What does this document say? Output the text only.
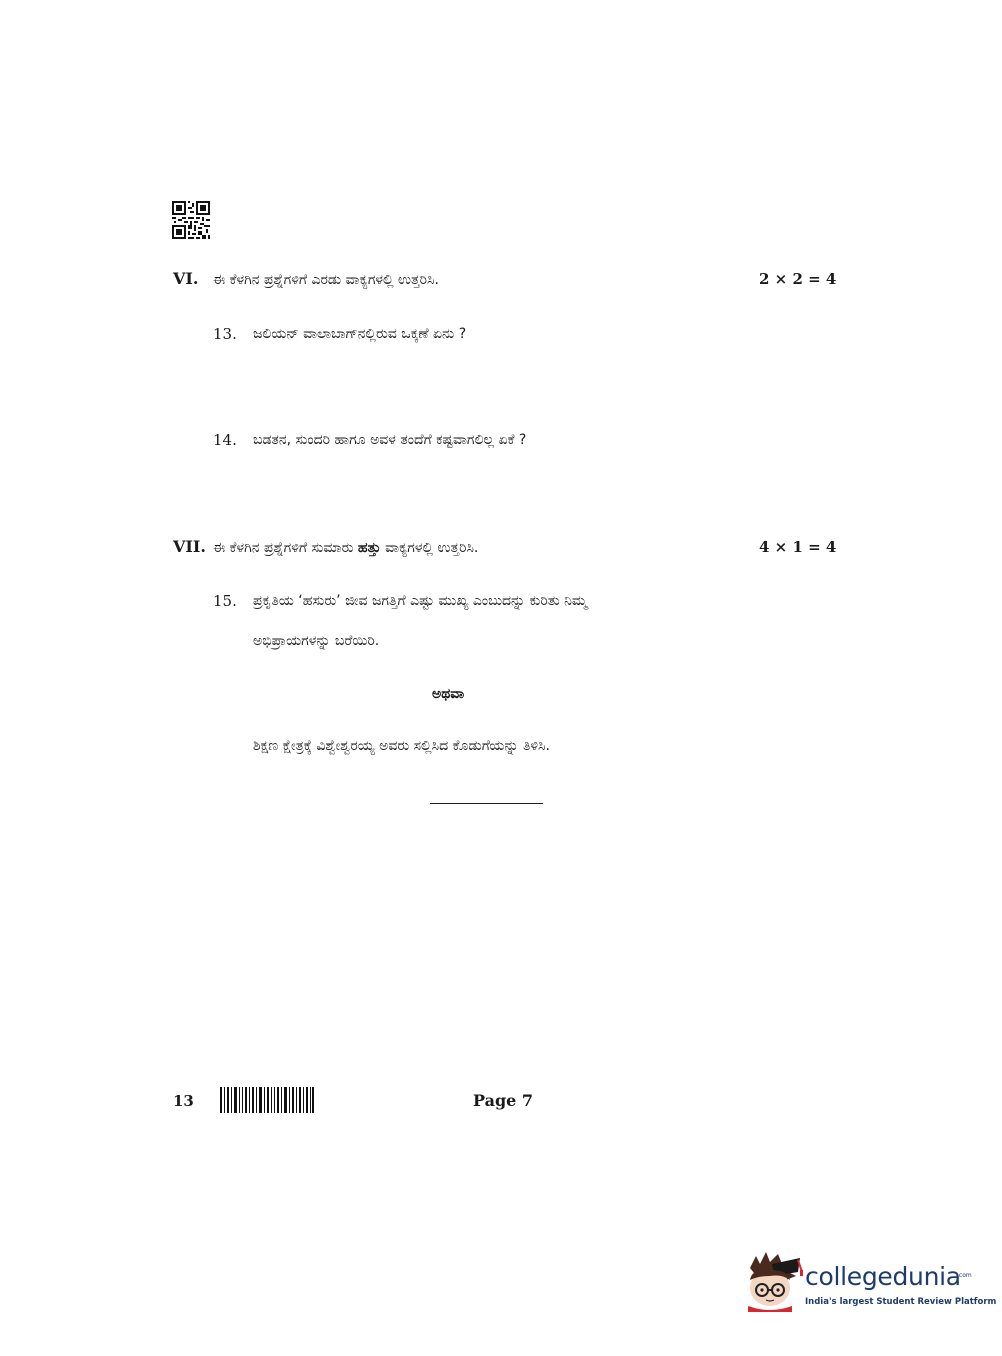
VI. ಈ ಕೆಳಗಿನ ಪ್ರಶ್ನೆಗಳಿಗೆ ಎರಡು ವಾಕ್ಯಗಳಲ್ಲಿ ಉತ್ತರಿಸಿ.	2 × 2 = 4
13. ಜಲಿಯನ್ ವಾಲಾಬಾಗ್‌ನಲ್ಲಿರುವ ಒಕ್ಕಣೆ ಏನು ?
14. ಬಡತನ, ಸುಂದರಿ ಹಾಗೂ ಅವಳ ತಂದೆಗೆ ಕಷ್ಟವಾಗಲಿಲ್ಲ ಏಕೆ ?
VII. ಈ ಕೆಳಗಿನ ಪ್ರಶ್ನೆಗಳಿಗೆ ಸುಮಾರು ಹತ್ತು ವಾಕ್ಯಗಳಲ್ಲಿ ಉತ್ತರಿಸಿ.	4 × 1 = 4
15. ಪ್ರಕೃತಿಯ ‘ಹಸುರು’ ಜೀವ ಜಗತ್ತಿಗೆ ಎಷ್ಟು ಮುಖ್ಯ ಎಂಬುದನ್ನು ಕುರಿತು ನಿಮ್ಮ
ಅಭಿಪ್ರಾಯಗಳನ್ನು ಬರೆಯಿರಿ.
ಅಥವಾ
ಶಿಕ್ಷಣ ಕ್ಷೇತ್ರಕ್ಕೆ ವಿಶ್ವೇಶ್ವರಯ್ಯ ಅವರು ಸಲ್ಲಿಸಿದ ಕೊಡುಗೆಯನ್ನು ತಿಳಿಸಿ.
13	Page 7
collegedunia
.com
India's largest Student Review Platform
